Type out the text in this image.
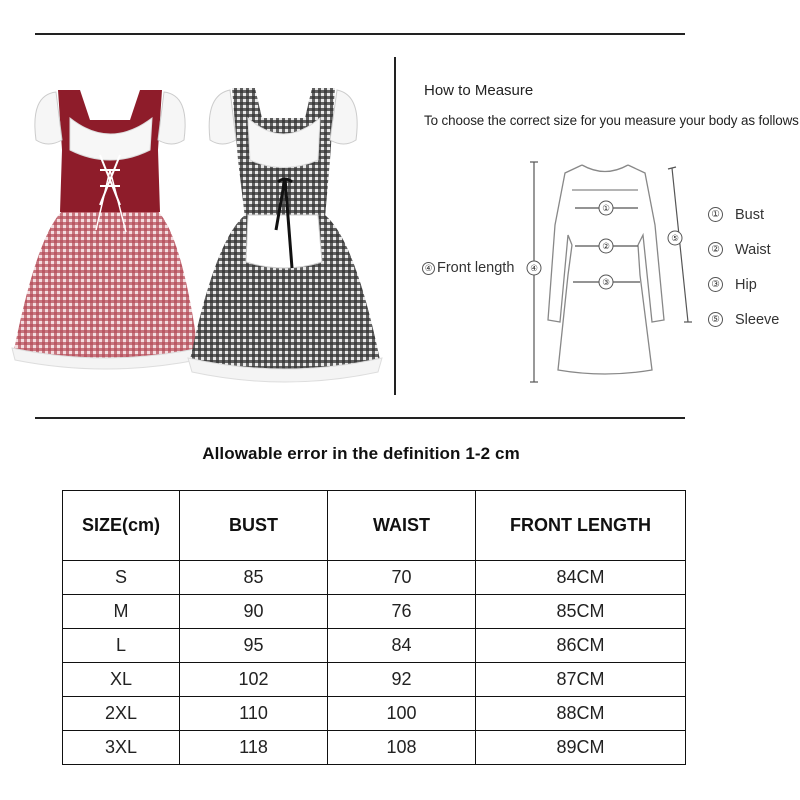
How to Measure
To choose the correct size for you measure your body as follows
①
②
③
④
⑤
④ Front length
① Bust
② Waist
③ Hip
⑤ Sleeve
Allowable error in the definition 1-2 cm
SIZE(cm)	BUST	WAIST	FRONT LENGTH
S	85	70	84CM
M	90	76	85CM
L	95	84	86CM
XL	102	92	87CM
2XL	110	100	88CM
3XL	118	108	89CM
